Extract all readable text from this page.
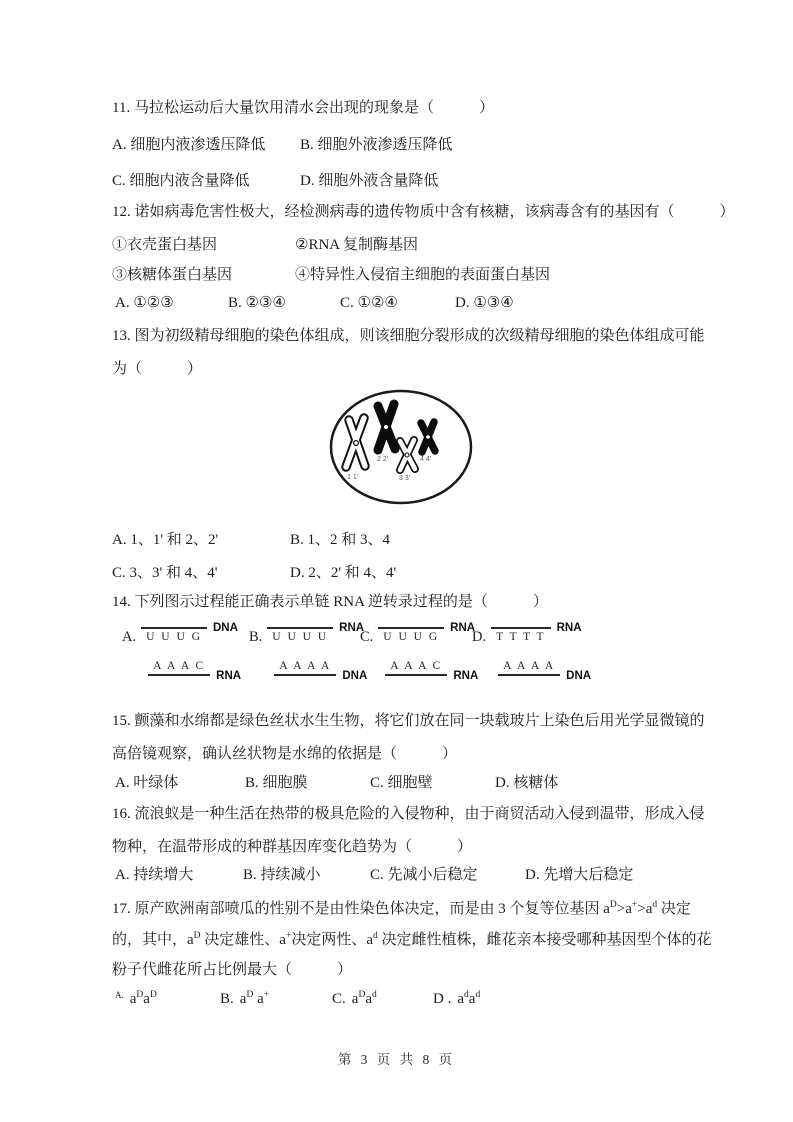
11. 马拉松运动后大量饮用清水会出现的现象是（　　　）
A. 细胞内液渗透压降低 B. 细胞外液渗透压降低
C. 细胞内液含量降低	D. 细胞外液含量降低
12. 诺如病毒危害性极大，经检测病毒的遗传物质中含有核糖，该病毒含有的基因有（　　　）
①衣壳蛋白基因	②RNA 复制酶基因
③核糖体蛋白基因	④特异性入侵宿主细胞的表面蛋白基因
A. ①②③	B. ②③④	C. ①②④	D. ①③④
13. 图为初级精母细胞的染色体组成，则该细胞分裂形成的次级精母细胞的染色体组成可能
为（　　　）
1 1'
2 2'
3 3'
4 4'
A. 1、1' 和 2、2'	B. 1、2 和 3、4
C. 3、3' 和 4、4'	D. 2、2' 和 4、4'
14. 下列图示过程能正确表示单链 RNA 逆转录过程的是（　　　）
A. U U U G
DNA
A A A C
RNA
B. U U U U
RNA
A A A A
DNA
C. U U U G
RNA
A A A C
RNA
D. T T T T
RNA
A A A A
DNA
15. 颤藻和水绵都是绿色丝状水生生物，将它们放在同一块载玻片上染色后用光学显微镜的
高倍镜观察，确认丝状物是水绵的依据是（　　　）
A. 叶绿体	B. 细胞膜	C. 细胞壁	D. 核糖体
16. 流浪蚁是一种生活在热带的极具危险的入侵物种，由于商贸活动入侵到温带，形成入侵
物种，在温带形成的种群基因库变化趋势为（　　　）
A. 持续增大	B. 持续减小	C. 先减小后稳定	D. 先增大后稳定
17. 原产欧洲南部喷瓜的性别不是由性染色体决定，而是由 3 个复等位基因 $a^D>a^+>a^d$ 决定
的，其中，$a^D$ 决定雄性、a+决定两性、$a^d$ 决定雌性植株，雌花亲本接受哪种基因型个体的花
粉子代雌花所占比例最大（　　　）
$^{A.}$ $a^Da^D$	B. $a^D$ a+	C. $a^Da^d$	D . $a^da^d$
第 3 页 共 8 页
